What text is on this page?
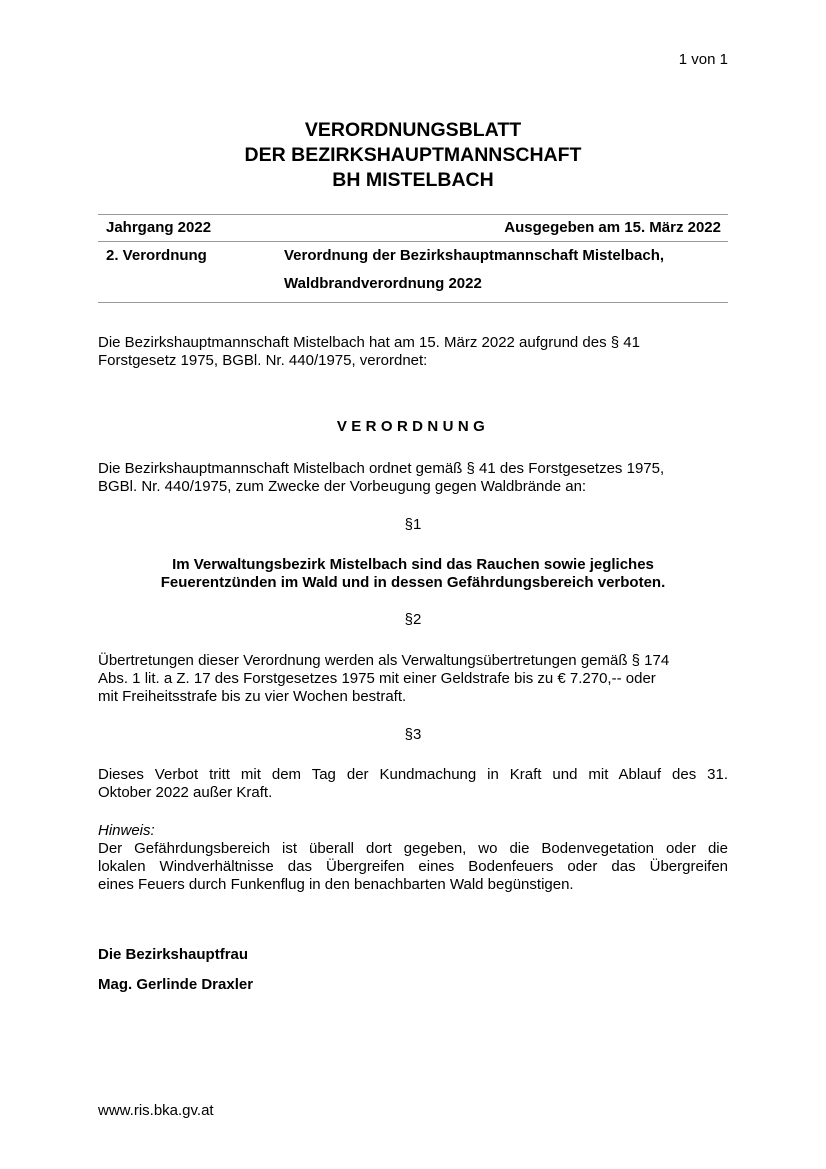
1 von 1
VERORDNUNGSBLATT
DER BEZIRKSHAUPTMANNSCHAFT
BH MISTELBACH
Jahrgang 2022	Ausgegeben am 15. März 2022
2. Verordnung	Verordnung der Bezirkshauptmannschaft Mistelbach,
Waldbrandverordnung 2022
Die Bezirkshauptmannschaft Mistelbach hat am 15. März 2022 aufgrund des § 41
Forstgesetz 1975, BGBl. Nr. 440/1975, verordnet:
VERORDNUNG
Die Bezirkshauptmannschaft Mistelbach ordnet gemäß § 41 des Forstgesetzes 1975,
BGBl. Nr. 440/1975, zum Zwecke der Vorbeugung gegen Waldbrände an:
§1
Im Verwaltungsbezirk Mistelbach sind das Rauchen sowie jegliches
Feuerentzünden im Wald und in dessen Gefährdungsbereich verboten.
§2
Übertretungen dieser Verordnung werden als Verwaltungsübertretungen gemäß § 174
Abs. 1 lit. a Z. 17 des Forstgesetzes 1975 mit einer Geldstrafe bis zu € 7.270,-- oder
mit Freiheitsstrafe bis zu vier Wochen bestraft.
§3
Dieses Verbot tritt mit dem Tag der Kundmachung in Kraft und mit Ablauf des 31.
Oktober 2022 außer Kraft.
Hinweis:
Der Gefährdungsbereich ist überall dort gegeben, wo die Bodenvegetation oder die
lokalen Windverhältnisse das Übergreifen eines Bodenfeuers oder das Übergreifen
eines Feuers durch Funkenflug in den benachbarten Wald begünstigen.
Die Bezirkshauptfrau
Mag. Gerlinde Draxler
www.ris.bka.gv.at
